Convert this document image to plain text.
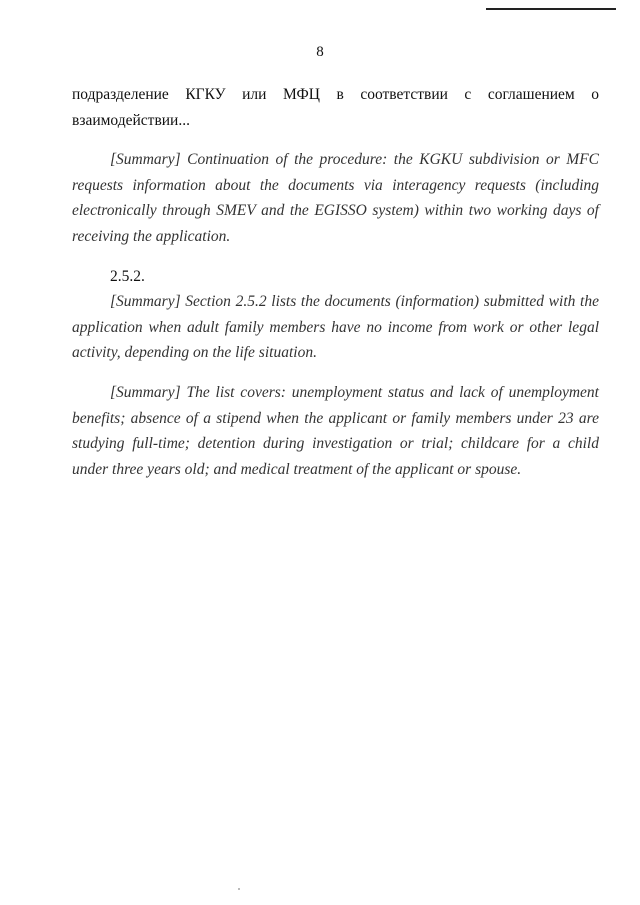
8

подразделение КГКУ или МФЦ в соответствии с соглашением о взаимодействии...

[Summary] Continuation of the procedure: the KGKU subdivision or MFC requests information about the documents via interagency requests (including electronically through SMEV and the EGISSO system) within two working days of receiving the application.

2.5.2.

[Summary] Section 2.5.2 lists the documents (information) submitted with the application when adult family members have no income from work or other legal activity, depending on the life situation.

[Summary] The list covers: unemployment status and lack of unemployment benefits; absence of a stipend when the applicant or family members under 23 are studying full-time; detention during investigation or trial; childcare for a child under three years old; and medical treatment of the applicant or spouse.
